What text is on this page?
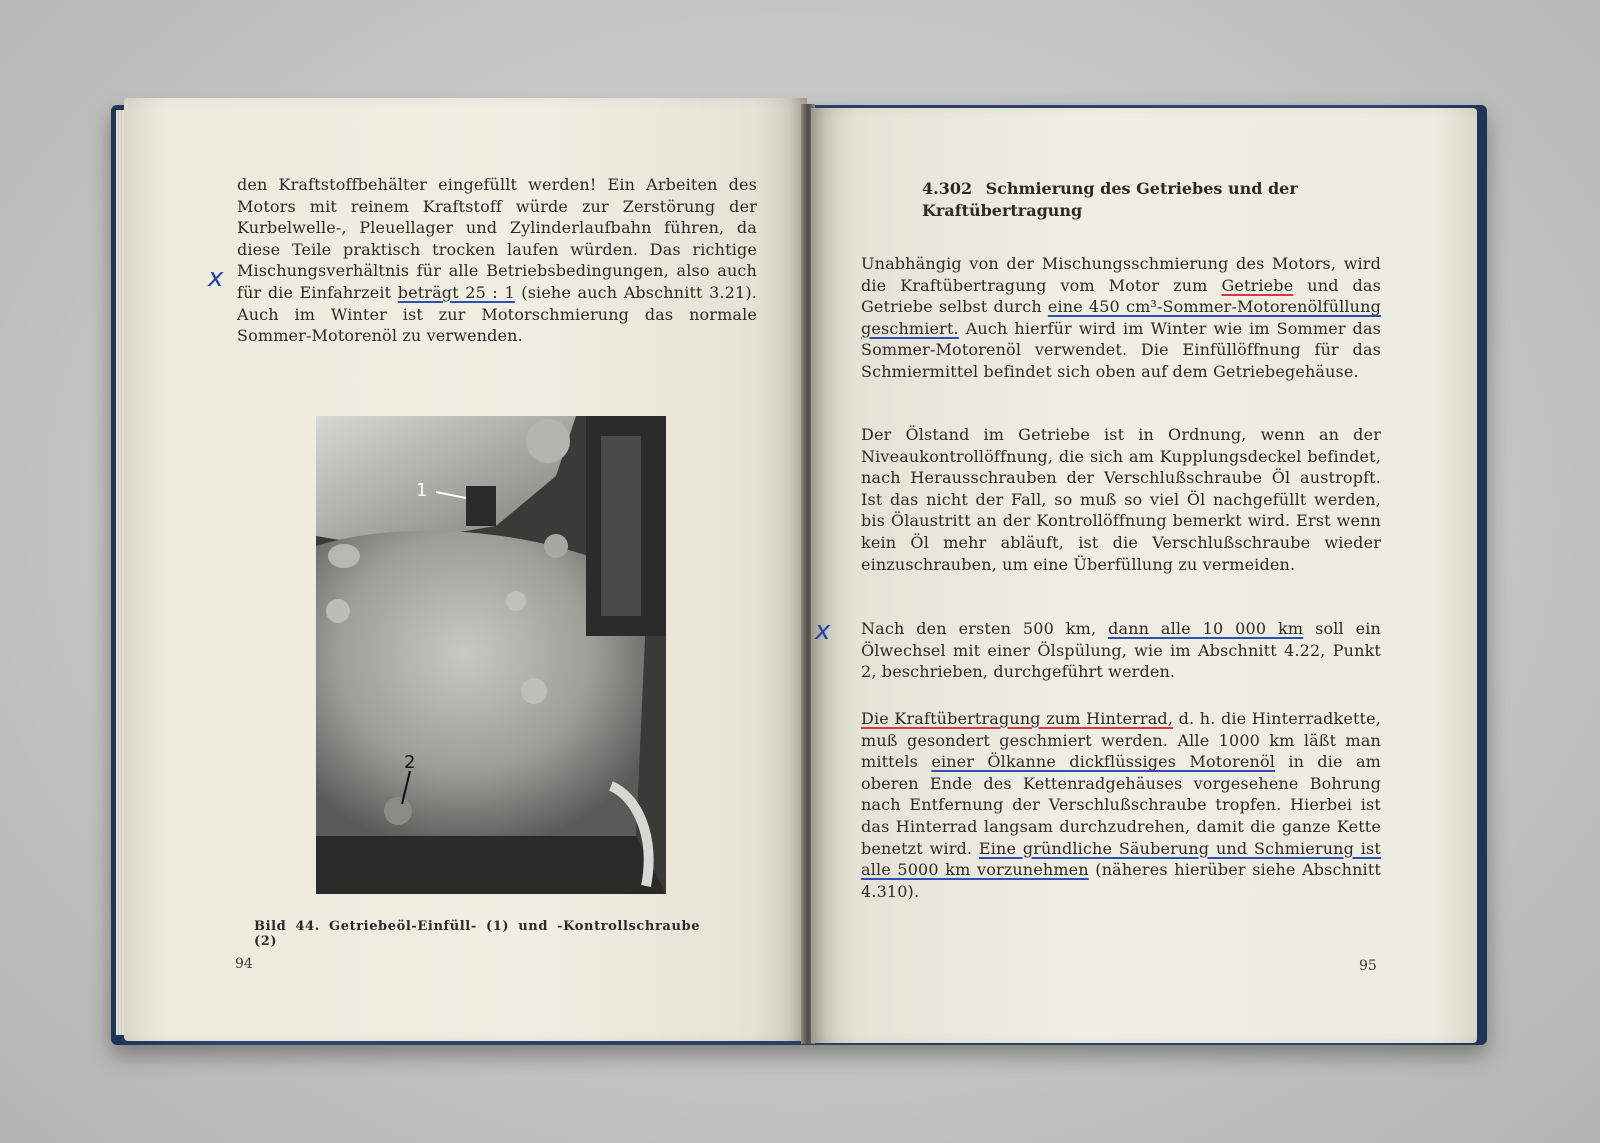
den Kraftstoffbehälter eingefüllt werden! Ein Arbeiten des Motors mit reinem Kraftstoff würde zur Zerstörung der Kurbelwelle-, Pleuellager und Zylinderlaufbahn führen, da diese Teile praktisch trocken laufen würden. Das richtige Mischungsverhältnis für alle Betriebsbedingungen, also auch für die Einfahrzeit beträgt 25 : 1 (siehe auch Abschnitt 3.21). Auch im Winter ist zur Motorschmierung das normale Sommer-Motorenöl zu verwenden.

x
1
2
Bild 44. Getriebeöl-Einfüll- (1) und -Kontrollschraube (2)
94
4.302 Schmierung des Getriebes und der Kraftübertragung
Unabhängig von der Mischungsschmierung des Motors, wird die Kraftübertragung vom Motor zum Getriebe und das Getriebe selbst durch eine 450 cm³-Sommer-Motorenölfüllung geschmiert. Auch hierfür wird im Winter wie im Sommer das Sommer-Motorenöl verwendet. Die Einfüllöffnung für das Schmiermittel befindet sich oben auf dem Getriebegehäuse.
Der Ölstand im Getriebe ist in Ordnung, wenn an der Niveaukontrollöffnung, die sich am Kupplungsdeckel befindet, nach Herausschrauben der Verschlußschraube Öl austropft. Ist das nicht der Fall, so muß so viel Öl nachgefüllt werden, bis Ölaustritt an der Kontrollöffnung bemerkt wird. Erst wenn kein Öl mehr abläuft, ist die Verschlußschraube wieder einzuschrauben, um eine Überfüllung zu vermeiden.
x Nach den ersten 500 km, dann alle 10 000 km soll ein Ölwechsel mit einer Ölspülung, wie im Abschnitt 4.22, Punkt 2, beschrieben, durchgeführt werden.
Die Kraftübertragung zum Hinterrad, d. h. die Hinterradkette, muß gesondert geschmiert werden. Alle 1000 km läßt man mittels einer Ölkanne dickflüssiges Motorenöl in die am oberen Ende des Kettenradgehäuses vorgesehene Bohrung nach Entfernung der Verschlußschraube tropfen. Hierbei ist das Hinterrad langsam durchzudrehen, damit die ganze Kette benetzt wird. Eine gründliche Säuberung und Schmierung ist alle 5000 km vorzunehmen (näheres hierüber siehe Abschnitt 4.310).
95
